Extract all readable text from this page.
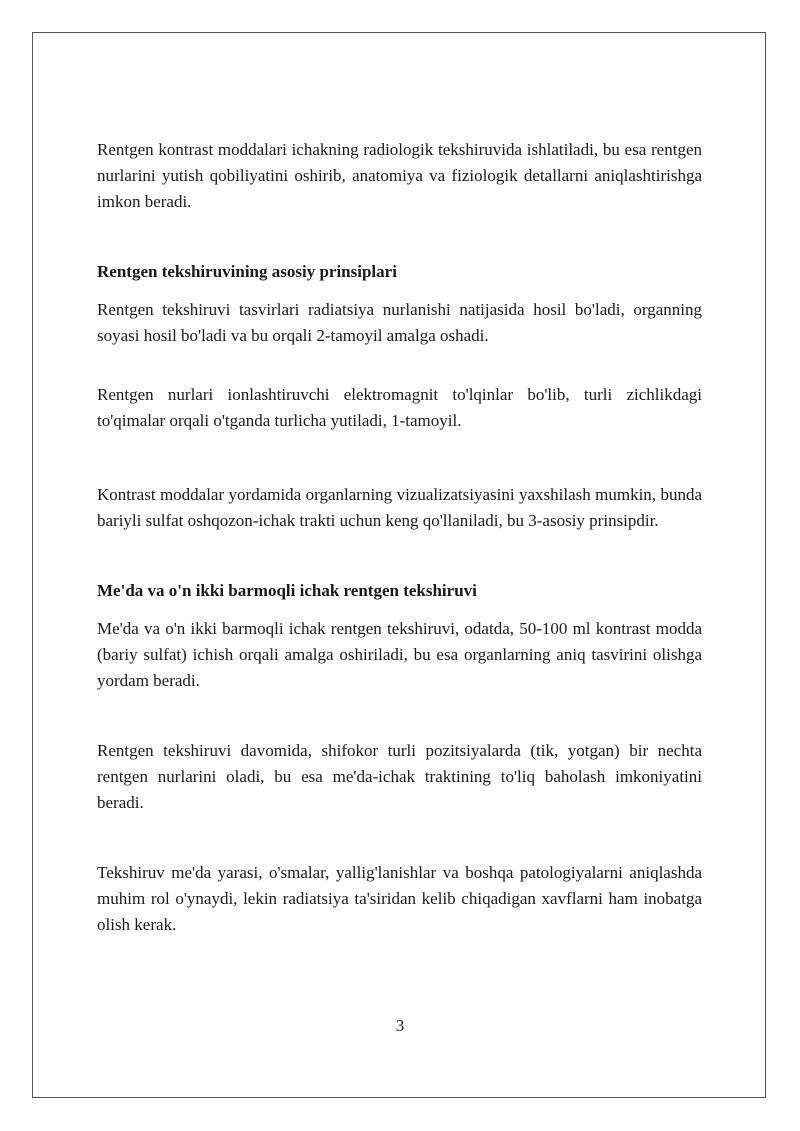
Rentgen kontrast moddalari ichakning radiologik tekshiruvida ishlatiladi, bu esa rentgen nurlarini yutish qobiliyatini oshirib, anatomiya va fiziologik detallarni aniqlashtirishga imkon beradi.

Rentgen tekshiruvining asosiy prinsiplari

Rentgen tekshiruvi tasvirlari radiatsiya nurlanishi natijasida hosil bo'ladi, organning soyasi hosil bo'ladi va bu orqali 2-tamoyil amalga oshadi.

Rentgen nurlari ionlashtiruvchi elektromagnit to'lqinlar bo'lib, turli zichlikdagi to'qimalar orqali o'tganda turlicha yutiladi, 1-tamoyil.

Kontrast moddalar yordamida organlarning vizualizatsiyasini yaxshilash mumkin, bunda bariyli sulfat oshqozon-ichak trakti uchun keng qo'llaniladi, bu 3-asosiy prinsipdir.

Me'da va o'n ikki barmoqli ichak rentgen tekshiruvi

Me'da va o'n ikki barmoqli ichak rentgen tekshiruvi, odatda, 50-100 ml kontrast modda (bariy sulfat) ichish orqali amalga oshiriladi, bu esa organlarning aniq tasvirini olishga yordam beradi.

Rentgen tekshiruvi davomida, shifokor turli pozitsiyalarda (tik, yotgan) bir nechta rentgen nurlarini oladi, bu esa me'da-ichak traktining to'liq baholash imkoniyatini beradi.

Tekshiruv me'da yarasi, o'smalar, yallig'lanishlar va boshqa patologiyalarni aniqlashda muhim rol o'ynaydi, lekin radiatsiya ta'siridan kelib chiqadigan xavflarni ham inobatga olish kerak.

3
